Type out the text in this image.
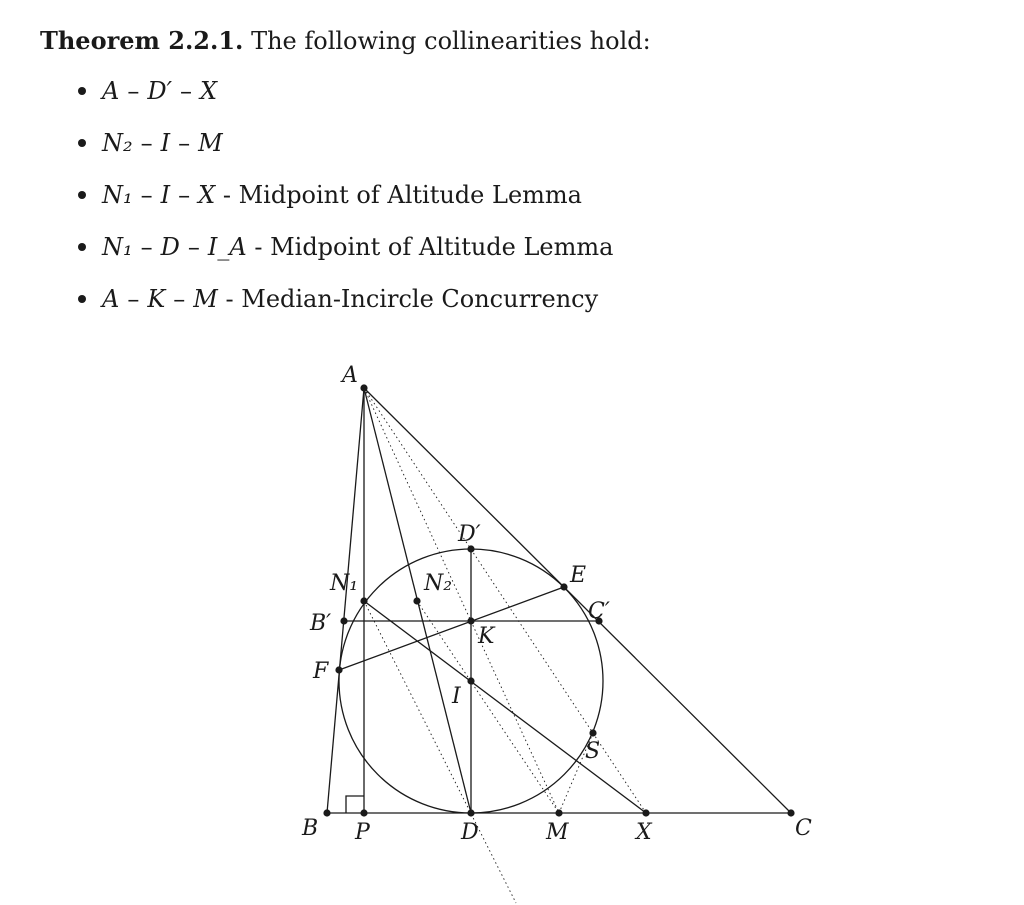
Theorem 2.2.1. The following collinearities hold:
A – D′ – X
N₂ – I – M
N₁ – I – X - Midpoint of Altitude Lemma
N₁ – D – I_A - Midpoint of Altitude Lemma
A – K – M - Median-Incircle Concurrency
A
B P	D	M	X	C
D′
E
C′
B′
F
N₁	N₂
K
I
S
